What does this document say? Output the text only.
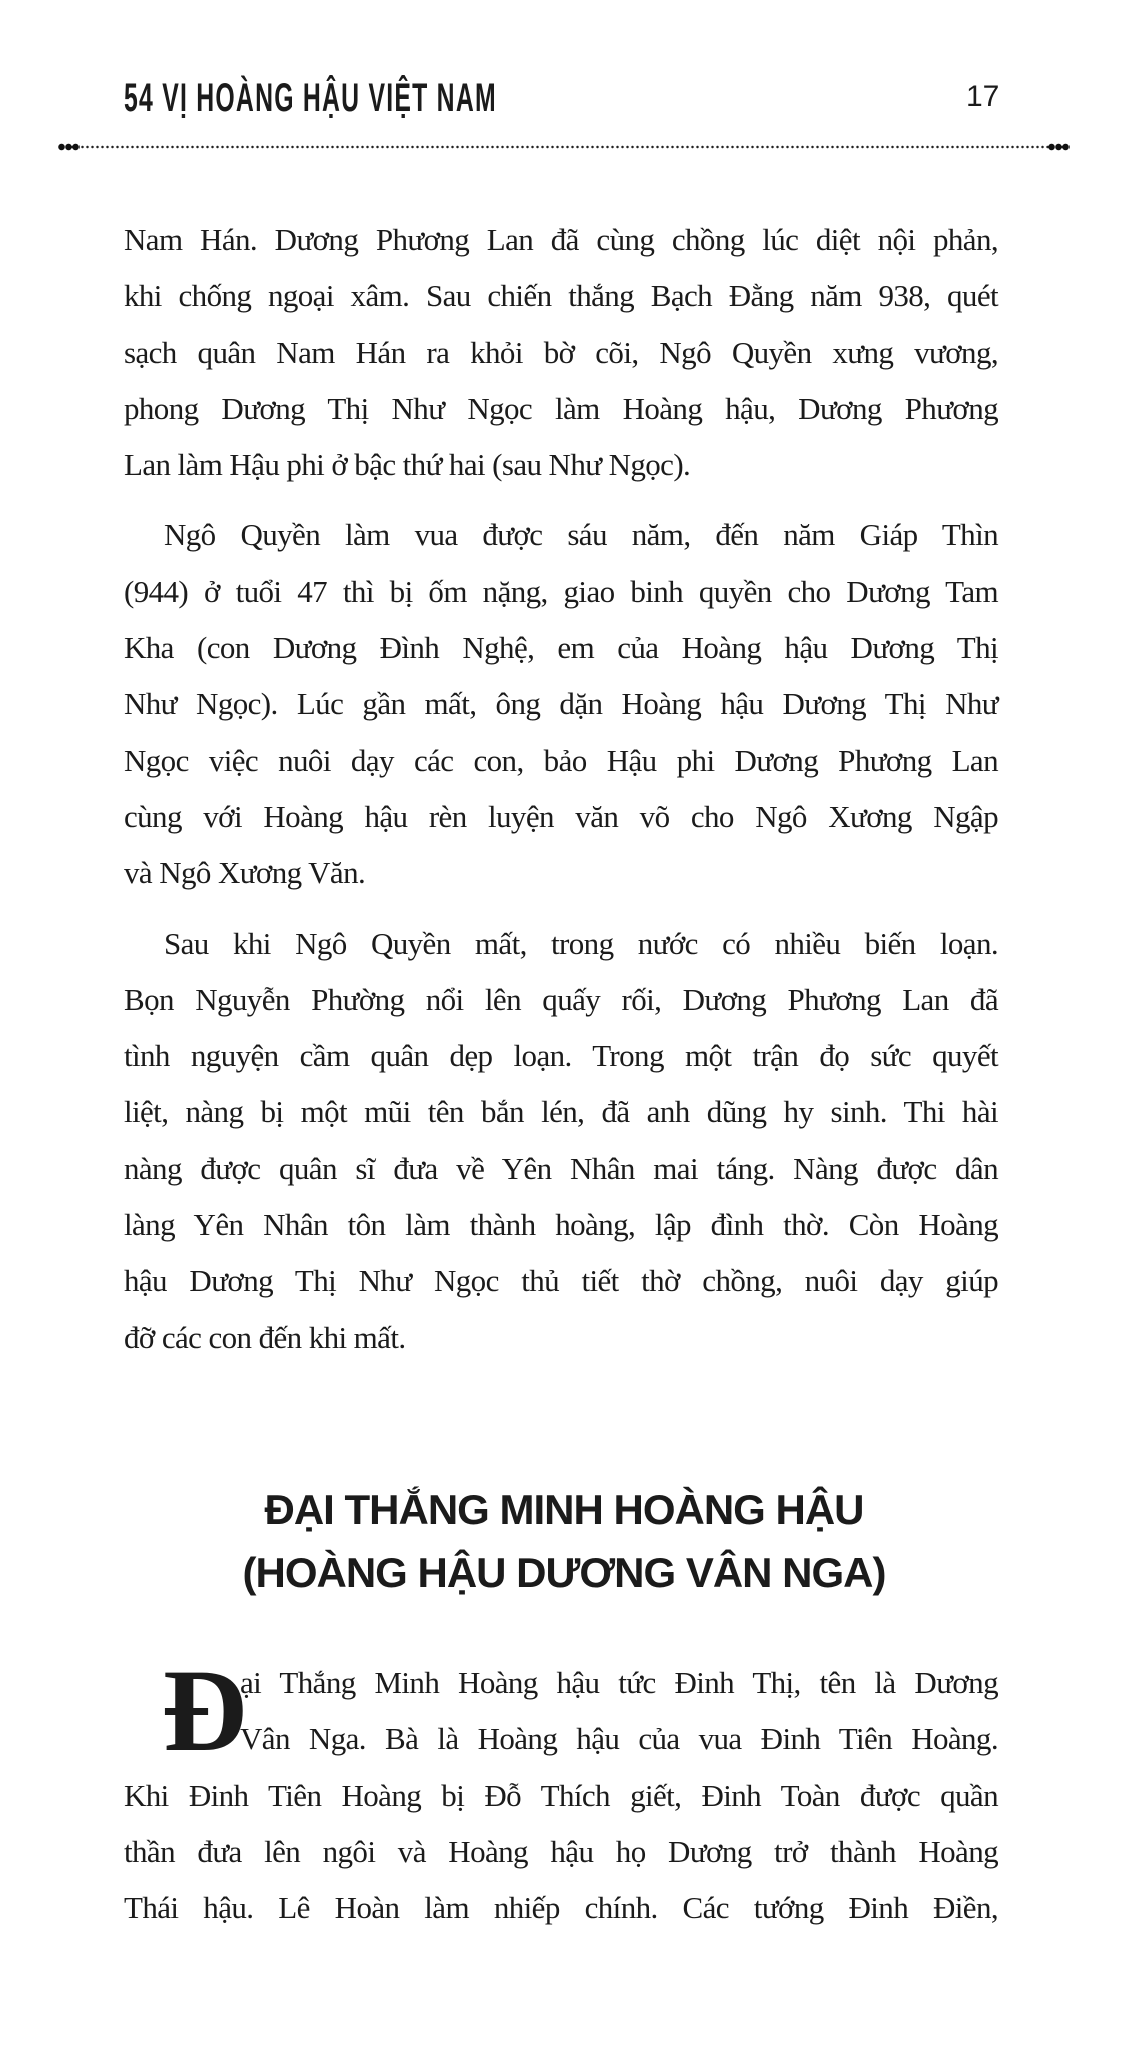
54 VỊ HOÀNG HẬU VIỆT NAM	17
Nam Hán. Dương Phương Lan đã cùng chồng lúc diệt nội phản,
khi chống ngoại xâm. Sau chiến thắng Bạch Đằng năm 938, quét
sạch quân Nam Hán ra khỏi bờ cõi, Ngô Quyền xưng vương,
phong Dương Thị Như Ngọc làm Hoàng hậu, Dương Phương
Lan làm Hậu phi ở bậc thứ hai (sau Như Ngọc).
Ngô Quyền làm vua được sáu năm, đến năm Giáp Thìn
(944) ở tuổi 47 thì bị ốm nặng, giao binh quyền cho Dương Tam
Kha (con Dương Đình Nghệ, em của Hoàng hậu Dương Thị
Như Ngọc). Lúc gần mất, ông dặn Hoàng hậu Dương Thị Như
Ngọc việc nuôi dạy các con, bảo Hậu phi Dương Phương Lan
cùng với Hoàng hậu rèn luyện văn võ cho Ngô Xương Ngập
và Ngô Xương Văn.
Sau khi Ngô Quyền mất, trong nước có nhiều biến loạn.
Bọn Nguyễn Phường nổi lên quấy rối, Dương Phương Lan đã
tình nguyện cầm quân dẹp loạn. Trong một trận đọ sức quyết
liệt, nàng bị một mũi tên bắn lén, đã anh dũng hy sinh. Thi hài
nàng được quân sĩ đưa về Yên Nhân mai táng. Nàng được dân
làng Yên Nhân tôn làm thành hoàng, lập đình thờ. Còn Hoàng
hậu Dương Thị Như Ngọc thủ tiết thờ chồng, nuôi dạy giúp
đỡ các con đến khi mất.
ĐẠI THẮNG MINH HOÀNG HẬU
(HOÀNG HẬU DƯƠNG VÂN NGA)
Đ
ại Thắng Minh Hoàng hậu tức Đinh Thị, tên là Dương
Vân Nga. Bà là Hoàng hậu của vua Đinh Tiên Hoàng.
Khi Đinh Tiên Hoàng bị Đỗ Thích giết, Đinh Toàn được quần
thần đưa lên ngôi và Hoàng hậu họ Dương trở thành Hoàng
Thái hậu. Lê Hoàn làm nhiếp chính. Các tướng Đinh Điền,
